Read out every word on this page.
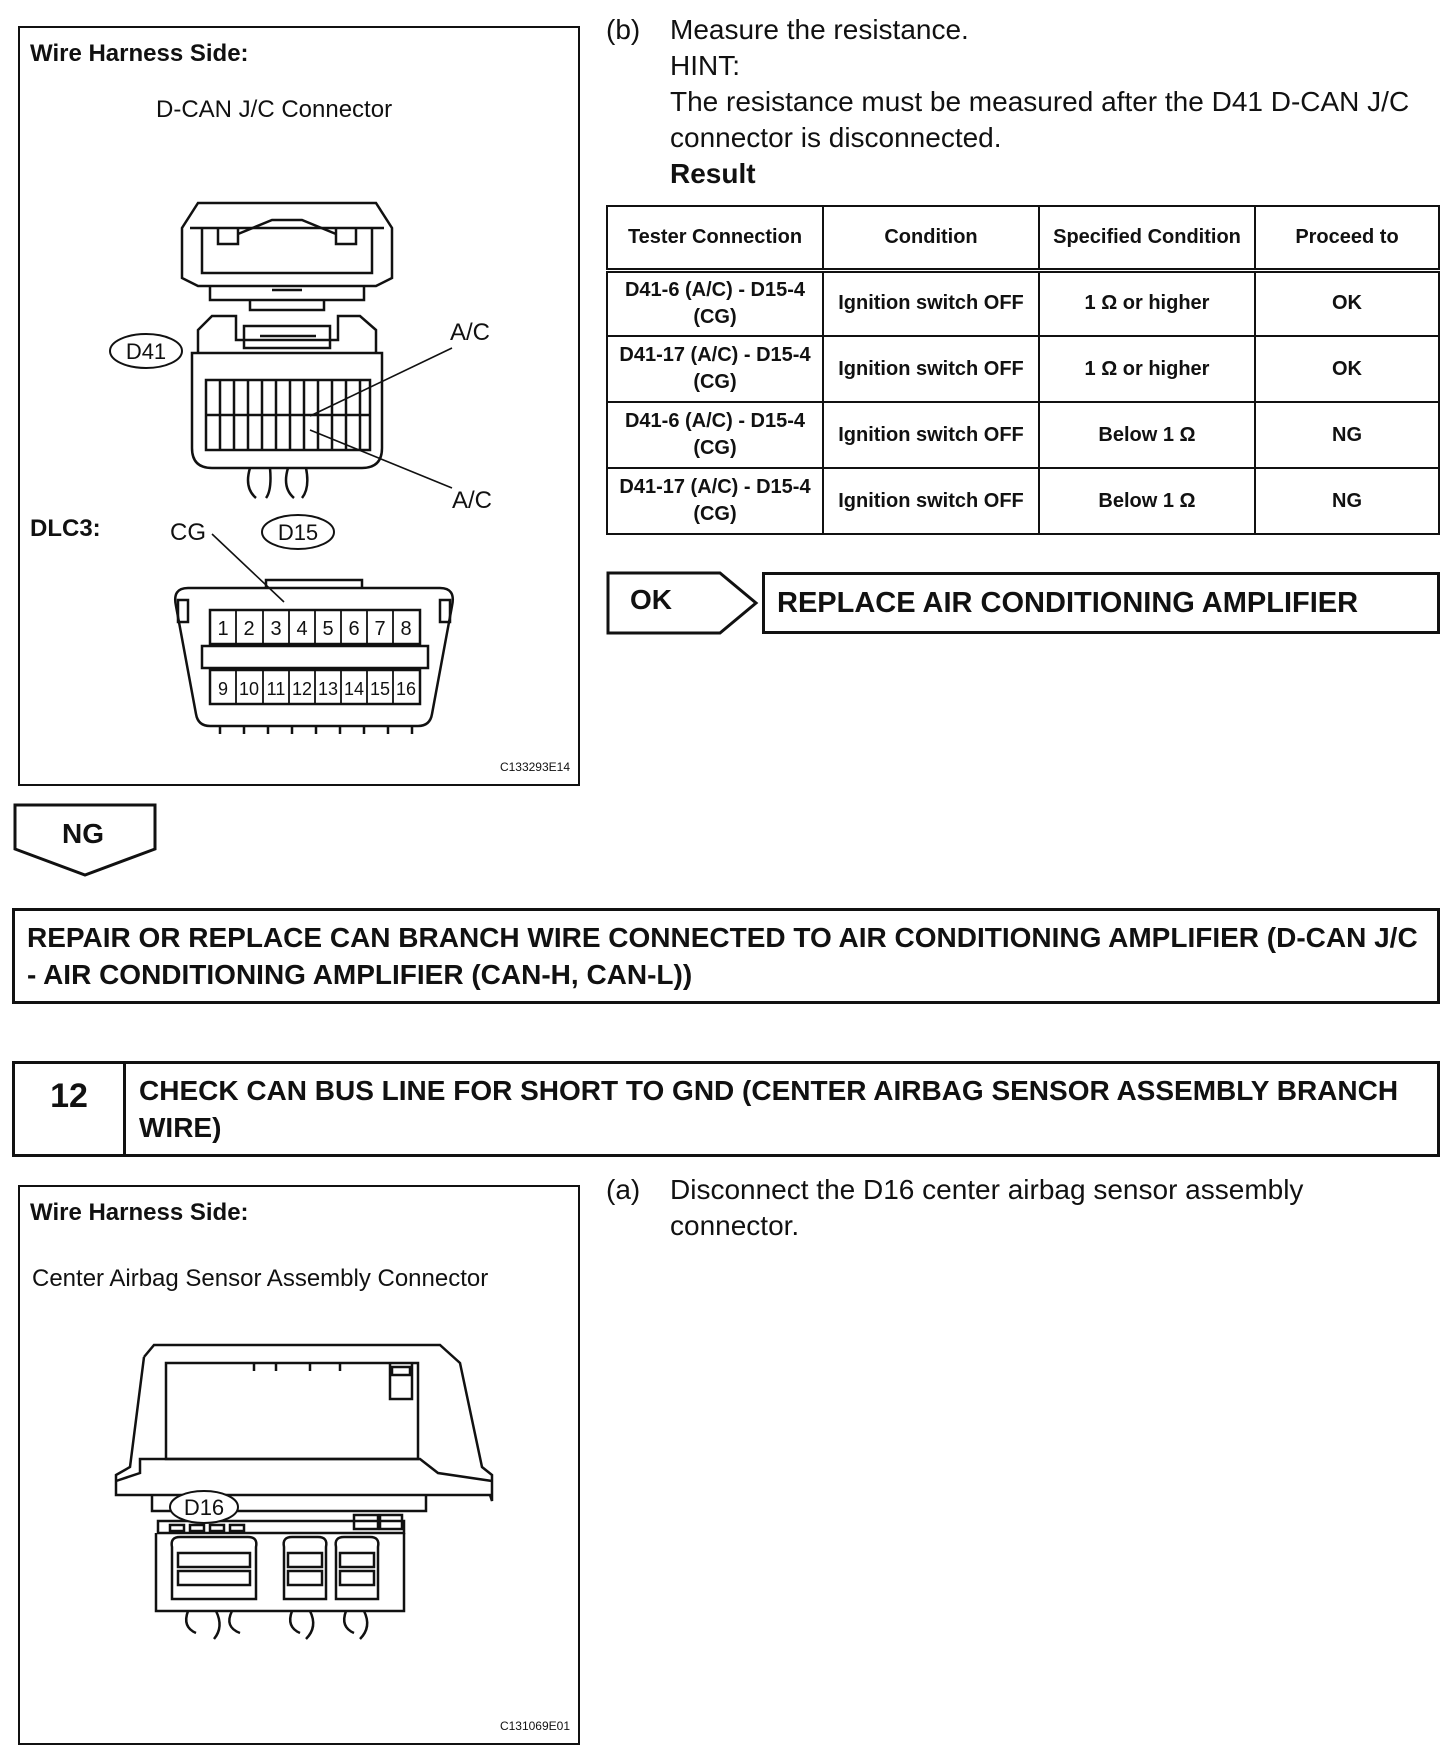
Wire Harness Side:
D-CAN J/C Connector
D41
A/C
A/C
DLC3:	CG	D15
1 2 3 4 5 6 7 8
9 10 11 12 13 14 15 16
C133293E14
(b) Measure the resistance.
HINT:
The resistance must be measured after the D41 D-CAN J/C connector is disconnected.
Result
Tester Connection	Condition	Specified Condition	Proceed to
D41-6 (A/C) - D15-4 (CG)	Ignition switch OFF	1 Ω or higher	OK
D41-17 (A/C) - D15-4 (CG)	Ignition switch OFF	1 Ω or higher	OK
D41-6 (A/C) - D15-4 (CG)	Ignition switch OFF	Below 1 Ω	NG
D41-17 (A/C) - D15-4 (CG)	Ignition switch OFF	Below 1 Ω	NG
OK	REPLACE AIR CONDITIONING AMPLIFIER
NG
REPAIR OR REPLACE CAN BRANCH WIRE CONNECTED TO AIR CONDITIONING AMPLIFIER (D-CAN J/C - AIR CONDITIONING AMPLIFIER (CAN-H, CAN-L))
12	CHECK CAN BUS LINE FOR SHORT TO GND (CENTER AIRBAG SENSOR ASSEMBLY BRANCH WIRE)
Wire Harness Side:
Center Airbag Sensor Assembly Connector
D16
C131069E01
(a) Disconnect the D16 center airbag sensor assembly connector.
